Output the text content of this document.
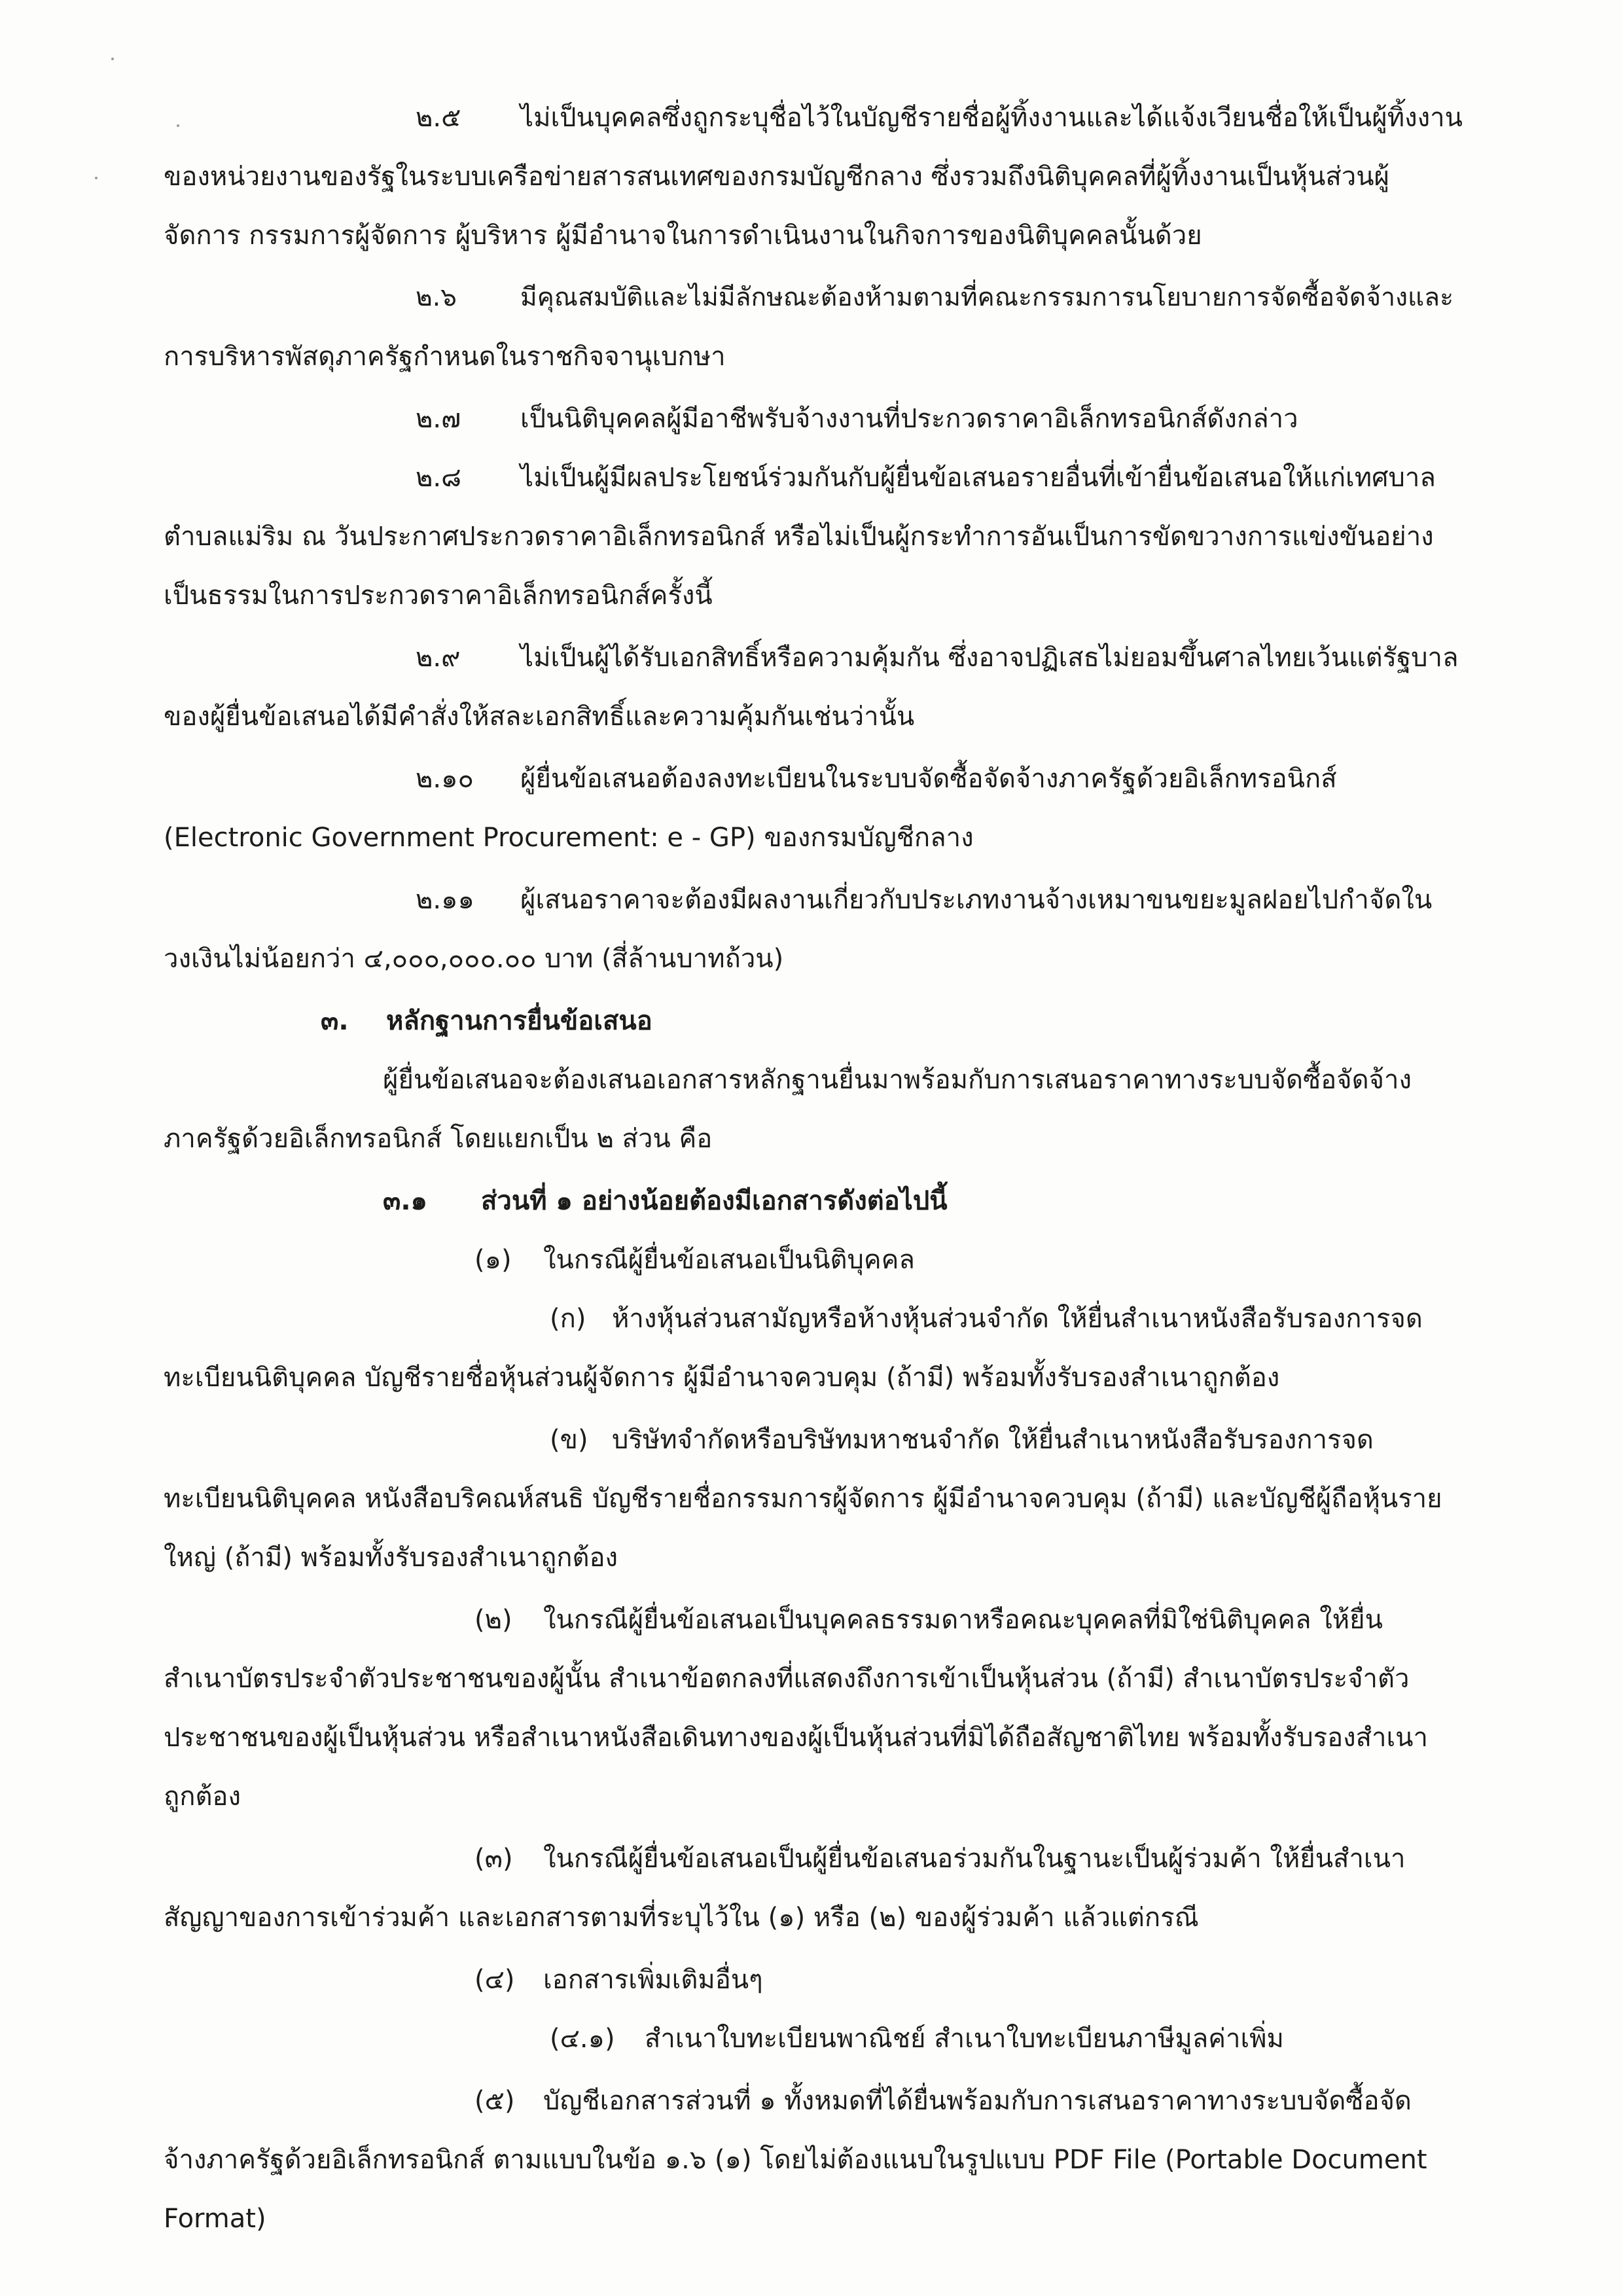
๒.๕ ไม่เป็นบุคคลซึ่งถูกระบุชื่อไว้ในบัญชีรายชื่อผู้ทิ้งงานและได้แจ้งเวียนชื่อให้เป็นผู้ทิ้งงาน

ของหน่วยงานของรัฐในระบบเครือข่ายสารสนเทศของกรมบัญชีกลาง ซึ่งรวมถึงนิติบุคคลที่ผู้ทิ้งงานเป็นหุ้นส่วนผู้

จัดการ กรรมการผู้จัดการ ผู้บริหาร ผู้มีอำนาจในการดำเนินงานในกิจการของนิติบุคคลนั้นด้วย

๒.๖ มีคุณสมบัติและไม่มีลักษณะต้องห้ามตามที่คณะกรรมการนโยบายการจัดซื้อจัดจ้างและ

การบริหารพัสดุภาครัฐกำหนดในราชกิจจานุเบกษา

๒.๗ เป็นนิติบุคคลผู้มีอาชีพรับจ้างงานที่ประกวดราคาอิเล็กทรอนิกส์ดังกล่าว

๒.๘ ไม่เป็นผู้มีผลประโยชน์ร่วมกันกับผู้ยื่นข้อเสนอรายอื่นที่เข้ายื่นข้อเสนอให้แก่เทศบาล

ตำบลแม่ริม ณ วันประกาศประกวดราคาอิเล็กทรอนิกส์ หรือไม่เป็นผู้กระทำการอันเป็นการขัดขวางการแข่งขันอย่าง

เป็นธรรมในการประกวดราคาอิเล็กทรอนิกส์ครั้งนี้

๒.๙ ไม่เป็นผู้ได้รับเอกสิทธิ์หรือความคุ้มกัน ซึ่งอาจปฏิเสธไม่ยอมขึ้นศาลไทยเว้นแต่รัฐบาล

ของผู้ยื่นข้อเสนอได้มีคำสั่งให้สละเอกสิทธิ์และความคุ้มกันเช่นว่านั้น

๒.๑๐ ผู้ยื่นข้อเสนอต้องลงทะเบียนในระบบจัดซื้อจัดจ้างภาครัฐด้วยอิเล็กทรอนิกส์

(Electronic Government Procurement: e - GP) ของกรมบัญชีกลาง

๒.๑๑ ผู้เสนอราคาจะต้องมีผลงานเกี่ยวกับประเภทงานจ้างเหมาขนขยะมูลฝอยไปกำจัดใน

วงเงินไม่น้อยกว่า ๔,๐๐๐,๐๐๐.๐๐ บาท (สี่ล้านบาทถ้วน)

๓. หลักฐานการยื่นข้อเสนอ

ผู้ยื่นข้อเสนอจะต้องเสนอเอกสารหลักฐานยื่นมาพร้อมกับการเสนอราคาทางระบบจัดซื้อจัดจ้าง

ภาครัฐด้วยอิเล็กทรอนิกส์ โดยแยกเป็น ๒ ส่วน คือ

๓.๑ ส่วนที่ ๑ อย่างน้อยต้องมีเอกสารดังต่อไปนี้

(๑) ในกรณีผู้ยื่นข้อเสนอเป็นนิติบุคคล

(ก) ห้างหุ้นส่วนสามัญหรือห้างหุ้นส่วนจำกัด ให้ยื่นสำเนาหนังสือรับรองการจด

ทะเบียนนิติบุคคล บัญชีรายชื่อหุ้นส่วนผู้จัดการ ผู้มีอำนาจควบคุม (ถ้ามี) พร้อมทั้งรับรองสำเนาถูกต้อง

(ข) บริษัทจำกัดหรือบริษัทมหาชนจำกัด ให้ยื่นสำเนาหนังสือรับรองการจด

ทะเบียนนิติบุคคล หนังสือบริคณห์สนธิ บัญชีรายชื่อกรรมการผู้จัดการ ผู้มีอำนาจควบคุม (ถ้ามี) และบัญชีผู้ถือหุ้นราย

ใหญ่ (ถ้ามี) พร้อมทั้งรับรองสำเนาถูกต้อง

(๒) ในกรณีผู้ยื่นข้อเสนอเป็นบุคคลธรรมดาหรือคณะบุคคลที่มิใช่นิติบุคคล ให้ยื่น

สำเนาบัตรประจำตัวประชาชนของผู้นั้น สำเนาข้อตกลงที่แสดงถึงการเข้าเป็นหุ้นส่วน (ถ้ามี) สำเนาบัตรประจำตัว

ประชาชนของผู้เป็นหุ้นส่วน หรือสำเนาหนังสือเดินทางของผู้เป็นหุ้นส่วนที่มิได้ถือสัญชาติไทย พร้อมทั้งรับรองสำเนา

ถูกต้อง

(๓) ในกรณีผู้ยื่นข้อเสนอเป็นผู้ยื่นข้อเสนอร่วมกันในฐานะเป็นผู้ร่วมค้า ให้ยื่นสำเนา

สัญญาของการเข้าร่วมค้า และเอกสารตามที่ระบุไว้ใน (๑) หรือ (๒) ของผู้ร่วมค้า แล้วแต่กรณี

(๔) เอกสารเพิ่มเติมอื่นๆ

(๔.๑) สำเนาใบทะเบียนพาณิชย์ สำเนาใบทะเบียนภาษีมูลค่าเพิ่ม

(๕) บัญชีเอกสารส่วนที่ ๑ ทั้งหมดที่ได้ยื่นพร้อมกับการเสนอราคาทางระบบจัดซื้อจัด

จ้างภาครัฐด้วยอิเล็กทรอนิกส์ ตามแบบในข้อ ๑.๖ (๑) โดยไม่ต้องแนบในรูปแบบ PDF File (Portable Document

Format)
